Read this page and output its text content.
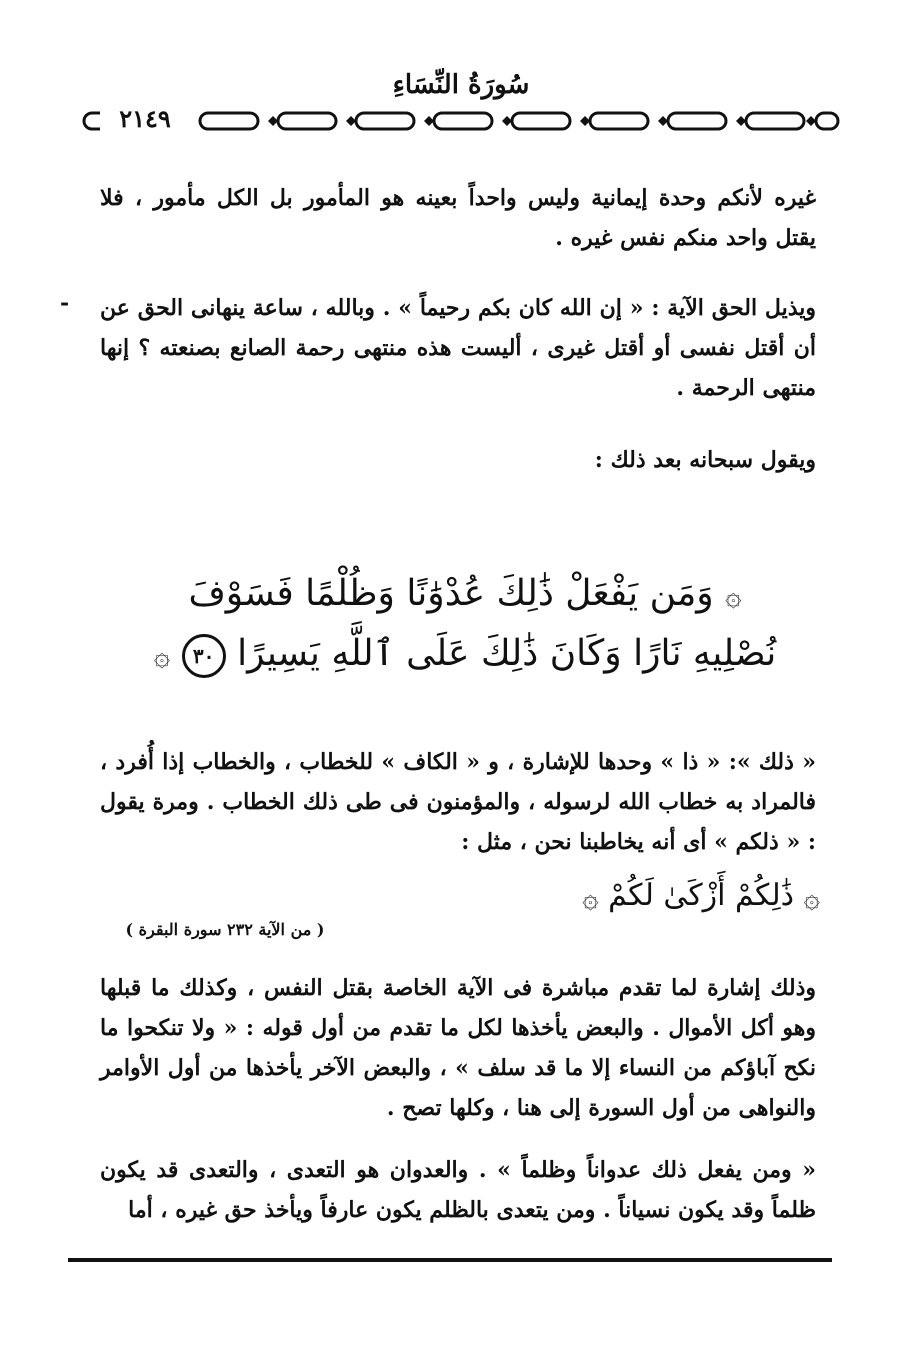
سُورَةُ النِّسَاءِ
٢١٤٩
-
غيره لأنكم وحدة إيمانية وليس واحداً بعينه هو المأمور بل الكل مأمور ، فلا يقتل واحد منكم نفس غيره .
ويذيل الحق الآية : « إن الله كان بكم رحيماً » . وبالله ، ساعة ينهانى الحق عن أن أقتل نفسى أو أقتل غيرى ، أليست هذه منتهى رحمة الصانع بصنعته ؟ إنها منتهى الرحمة .
ويقول سبحانه بعد ذلك :
۞ وَمَن يَفْعَلْ ذَٰلِكَ عُدْوَٰنًا وَظُلْمًا فَسَوْفَ
نُصْلِيهِ نَارًا وَكَانَ ذَٰلِكَ عَلَى ٱللَّهِ يَسِيرًا ٣٠ ۞
« ذلك »: « ذا » وحدها للإشارة ، و « الكاف » للخطاب ، والخطاب إذا أُفرد ، فالمراد به خطاب الله لرسوله ، والمؤمنون فى طى ذلك الخطاب . ومرة يقول : « ذلكم » أى أنه يخاطبنا نحن ، مثل :
۞ ذَٰلِكُمْ أَزْكَىٰ لَكُمْ ۞
( من الآية ٢٣٢ سورة البقرة )
وذلك إشارة لما تقدم مباشرة فى الآية الخاصة بقتل النفس ، وكذلك ما قبلها وهو أكل الأموال . والبعض يأخذها لكل ما تقدم من أول قوله : « ولا تنكحوا ما نكح آباؤكم من النساء إلا ما قد سلف » ، والبعض الآخر يأخذها من أول الأوامر والنواهى من أول السورة إلى هنا ، وكلها تصح .
« ومن يفعل ذلك عدواناً وظلماً » . والعدوان هو التعدى ، والتعدى قد يكون ظلماً وقد يكون نسياناً . ومن يتعدى بالظلم يكون عارفاً ويأخذ حق غيره ، أما
